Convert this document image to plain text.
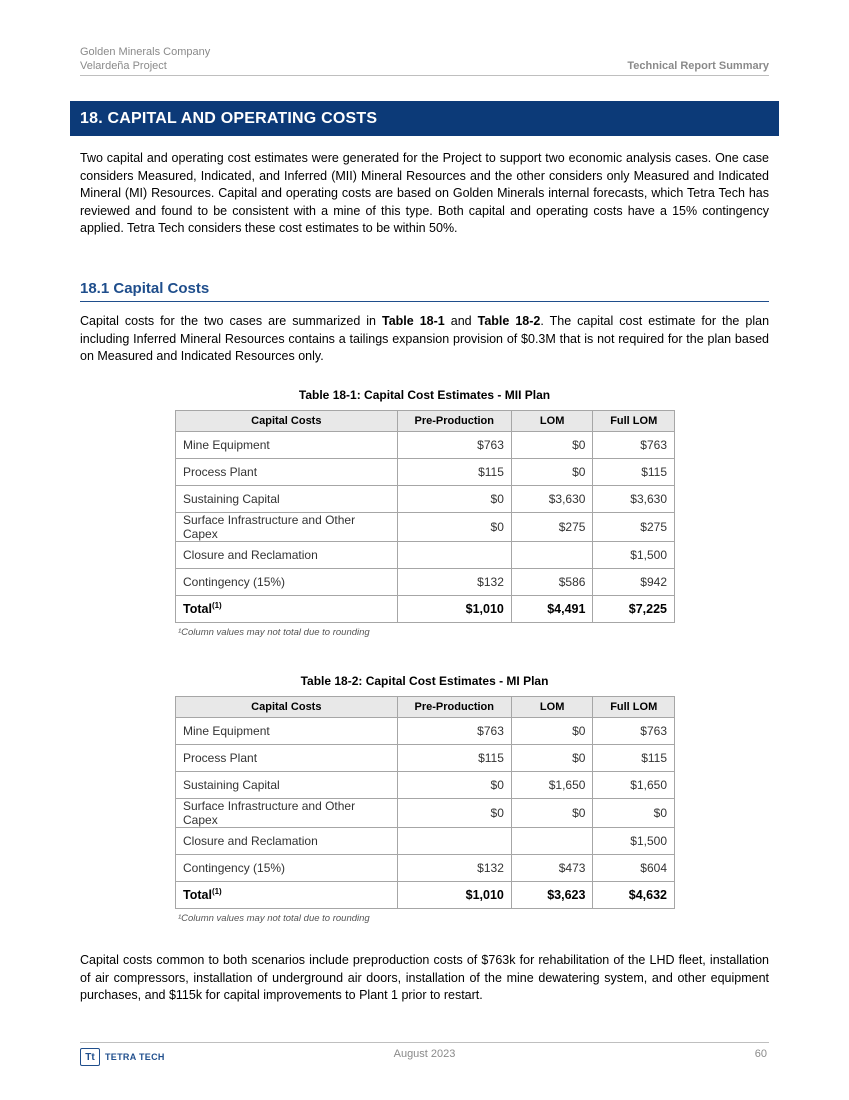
Golden Minerals Company
Velardeña Project	Technical Report Summary
18. CAPITAL AND OPERATING COSTS
Two capital and operating cost estimates were generated for the Project to support two economic analysis cases. One case considers Measured, Indicated, and Inferred (MII) Mineral Resources and the other considers only Measured and Indicated Mineral (MI) Resources. Capital and operating costs are based on Golden Minerals internal forecasts, which Tetra Tech has reviewed and found to be consistent with a mine of this type. Both capital and operating costs have a 15% contingency applied. Tetra Tech considers these cost estimates to be within 50%.
18.1 Capital Costs
Capital costs for the two cases are summarized in Table 18-1 and Table 18-2. The capital cost estimate for the plan including Inferred Mineral Resources contains a tailings expansion provision of $0.3M that is not required for the plan based on Measured and Indicated Resources only.
Table 18-1: Capital Cost Estimates - MII Plan
Capital Costs	Pre-Production	LOM	Full LOM
Mine Equipment	$763	$0	$763
Process Plant	$115	$0	$115
Sustaining Capital	$0	$3,630	$3,630
Surface Infrastructure and Other Capex	$0	$275	$275
Closure and Reclamation			$1,500
Contingency (15%)	$132	$586	$942
Total$^{(1)}$	$1,010	$4,491	$7,225
¹Column values may not total due to rounding
Table 18-2: Capital Cost Estimates - MI Plan
Capital Costs	Pre-Production	LOM	Full LOM
Mine Equipment	$763	$0	$763
Process Plant	$115	$0	$115
Sustaining Capital	$0	$1,650	$1,650
Surface Infrastructure and Other Capex	$0	$0	$0
Closure and Reclamation			$1,500
Contingency (15%)	$132	$473	$604
Total$^{(1)}$	$1,010	$3,623	$4,632
¹Column values may not total due to rounding
Capital costs common to both scenarios include preproduction costs of $763k for rehabilitation of the LHD fleet, installation of air compressors, installation of underground air doors, installation of the mine dewatering system, and other equipment purchases, and $115k for capital improvements to Plant 1 prior to restart.
Tt	TETRA TECH	August 2023	60
